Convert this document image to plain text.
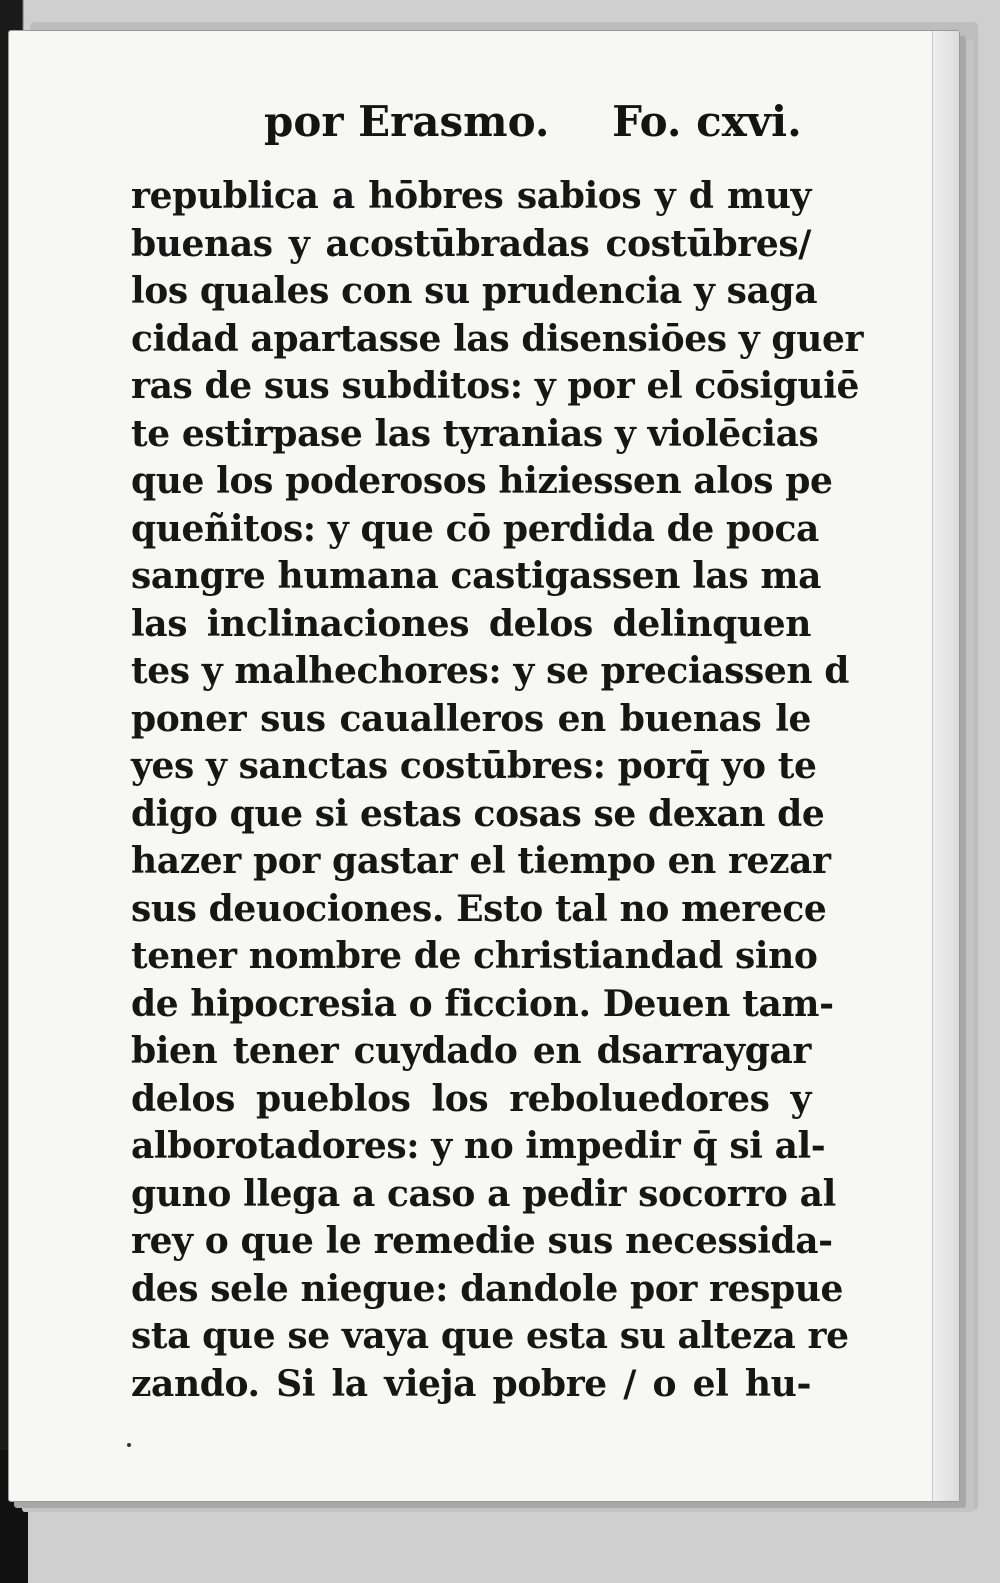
por Erasmo. Fo. cxvi.
republica a hōbres sabios y d muy
buenas y acostūbradas costūbres/
los quales con su prudencia y saga
cidad apartasse las disensiōes y guer
ras de sus subditos: y por el cōsiguiē
te estirpase las tyranias y violēcias
que los poderosos hiziessen alos pe
queñitos: y que cō perdida de poca
sangre humana castigassen las ma
las inclinaciones delos delinquen
tes y malhechores: y se preciassen d
poner sus caualleros en buenas le
yes y sanctas costūbres: porq̄ yo te
digo que si estas cosas se dexan de
hazer por gastar el tiempo en rezar
sus deuociones. Esto tal no merece
tener nombre de christiandad sino
de hipocresia o ficcion. Deuen tam-
bien tener cuydado en dsarraygar
delos pueblos los reboluedores y
alborotadores: y no impedir q̄ si al-
guno llega a caso a pedir socorro al
rey o que le remedie sus necessida-
des sele niegue: dandole por respue
sta que se vaya que esta su alteza re
zando. Si la vieja pobre / o el hu-
